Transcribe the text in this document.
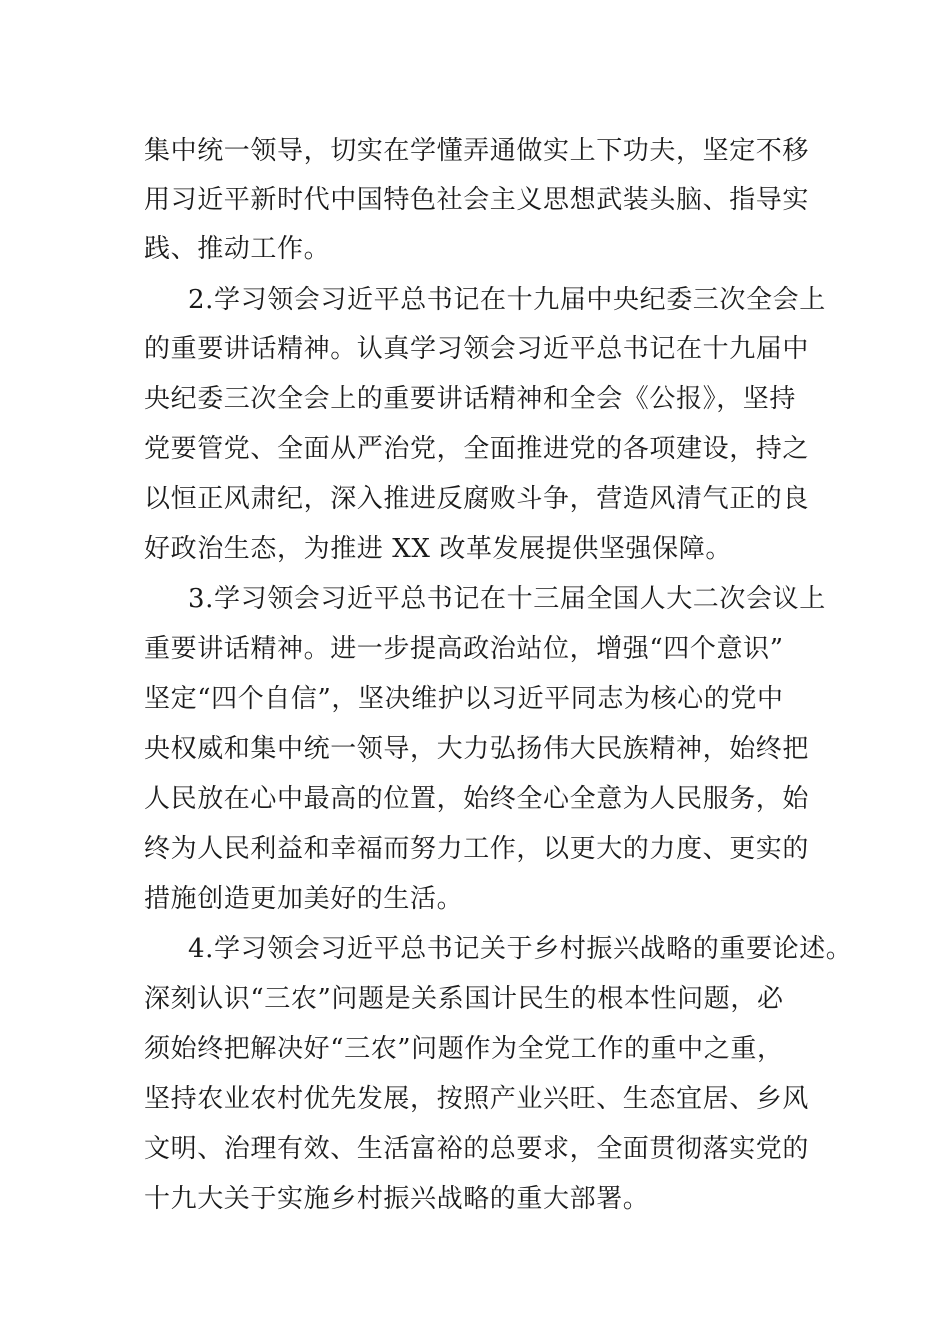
集中统一领导，切实在学懂弄通做实上下功夫，坚定不移

用习近平新时代中国特色社会主义思想武装头脑、指导实

践、推动工作。

2.学习领会习近平总书记在十九届中央纪委三次全会上

的重要讲话精神。认真学习领会习近平总书记在十九届中

央纪委三次全会上的重要讲话精神和全会《公报》，坚持

党要管党、全面从严治党，全面推进党的各项建设，持之

以恒正风肃纪，深入推进反腐败斗争，营造风清气正的良

好政治生态，为推进 XX 改革发展提供坚强保障。

3.学习领会习近平总书记在十三届全国人大二次会议上

重要讲话精神。进一步提高政治站位，增强“四个意识”

坚定“四个自信”，坚决维护以习近平同志为核心的党中

央权威和集中统一领导，大力弘扬伟大民族精神，始终把

人民放在心中最高的位置，始终全心全意为人民服务，始

终为人民利益和幸福而努力工作，以更大的力度、更实的

措施创造更加美好的生活。

4.学习领会习近平总书记关于乡村振兴战略的重要论述。

深刻认识“三农”问题是关系国计民生的根本性问题，必

须始终把解决好“三农”问题作为全党工作的重中之重，

坚持农业农村优先发展，按照产业兴旺、生态宜居、乡风

文明、治理有效、生活富裕的总要求，全面贯彻落实党的

十九大关于实施乡村振兴战略的重大部署。
